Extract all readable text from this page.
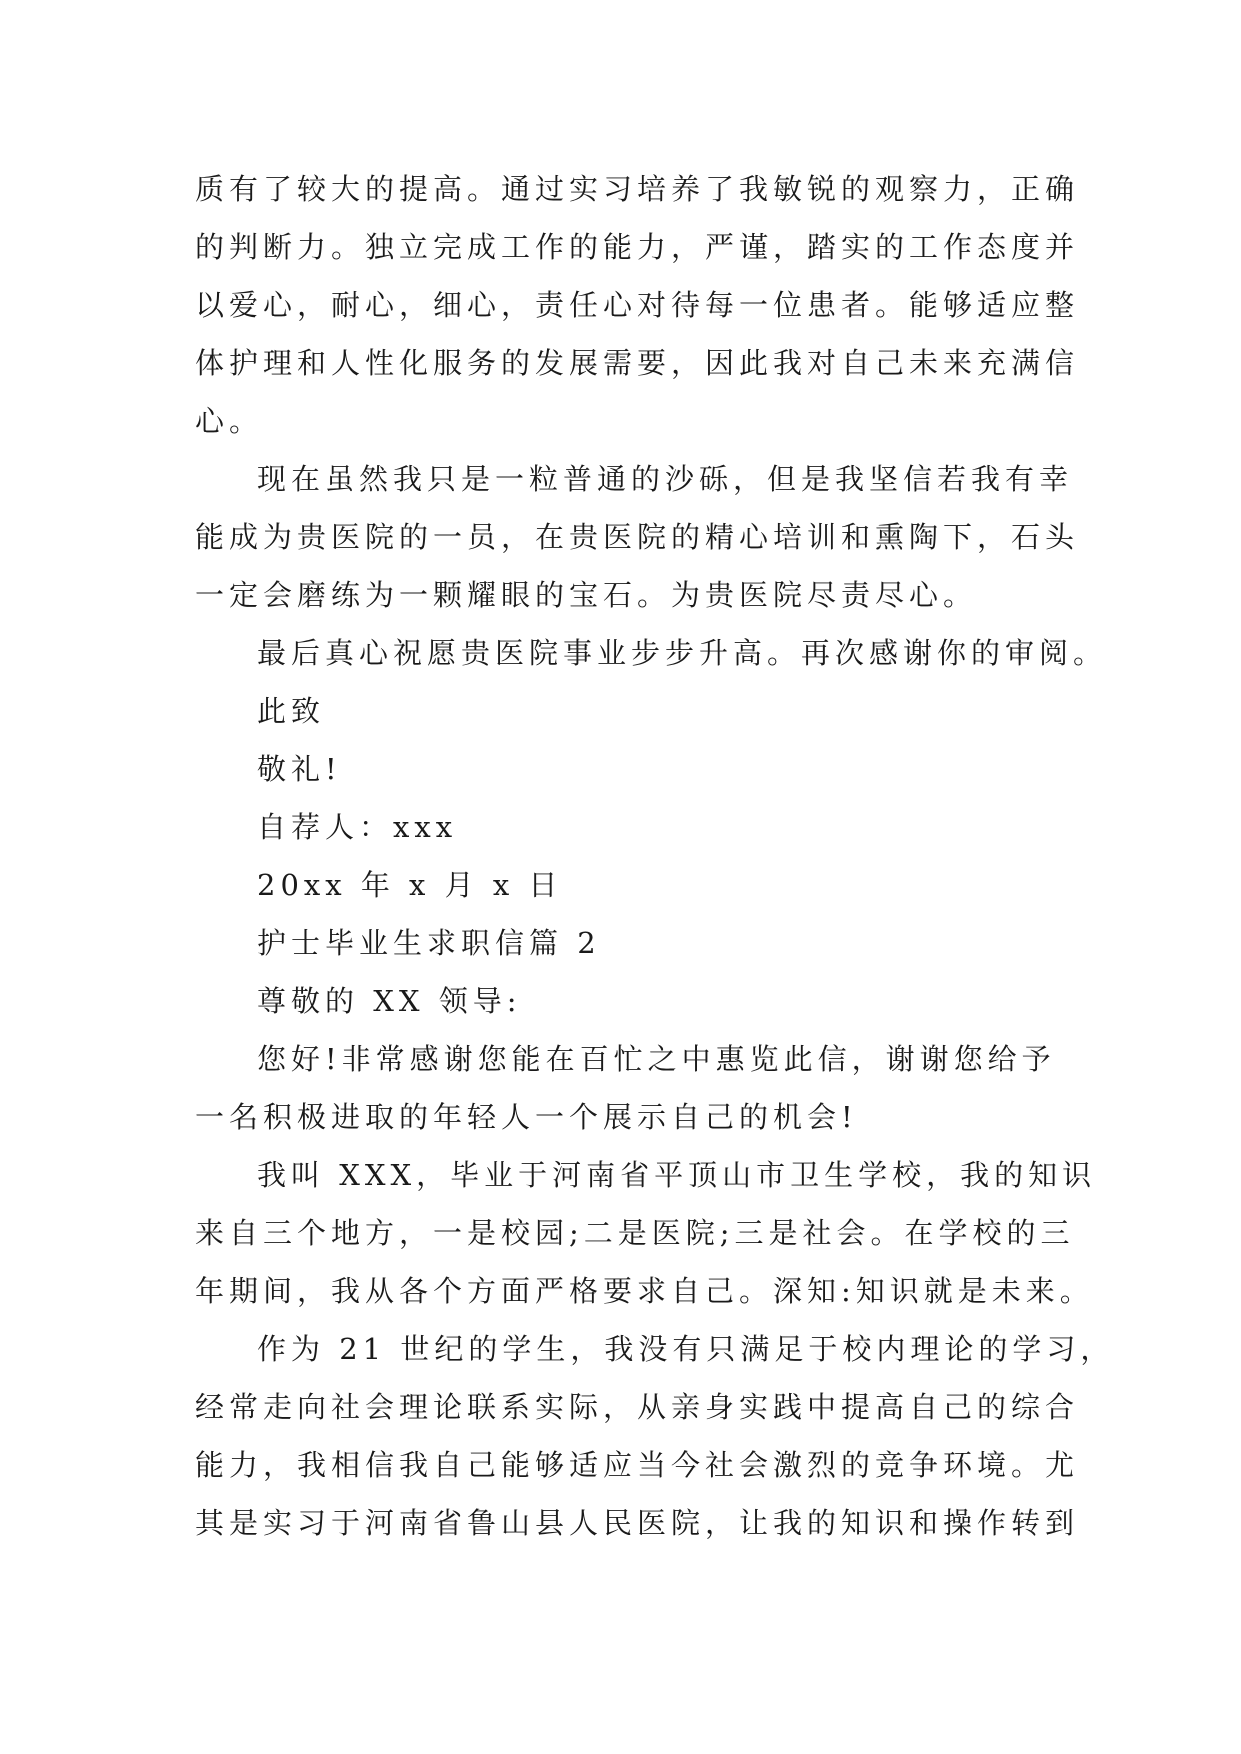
质有了较大的提高。通过实习培养了我敏锐的观察力，正确
的判断力。独立完成工作的能力，严谨，踏实的工作态度并
以爱心，耐心，细心，责任心对待每一位患者。能够适应整
体护理和人性化服务的发展需要，因此我对自己未来充满信
心。
现在虽然我只是一粒普通的沙砾，但是我坚信若我有幸
能成为贵医院的一员，在贵医院的精心培训和熏陶下，石头
一定会磨练为一颗耀眼的宝石。为贵医院尽责尽心。
最后真心祝愿贵医院事业步步升高。再次感谢你的审阅。
此致
敬礼!
自荐人：xxx
20xx 年 x 月 x 日
护士毕业生求职信篇 2
尊敬的 XX 领导:
您好!非常感谢您能在百忙之中惠览此信，谢谢您给予
一名积极进取的年轻人一个展示自己的机会!
我叫 XXX，毕业于河南省平顶山市卫生学校，我的知识
来自三个地方，一是校园;二是医院;三是社会。在学校的三
年期间，我从各个方面严格要求自己。深知:知识就是未来。
作为 21 世纪的学生，我没有只满足于校内理论的学习，
经常走向社会理论联系实际，从亲身实践中提高自己的综合
能力，我相信我自己能够适应当今社会激烈的竞争环境。尤
其是实习于河南省鲁山县人民医院，让我的知识和操作转到
